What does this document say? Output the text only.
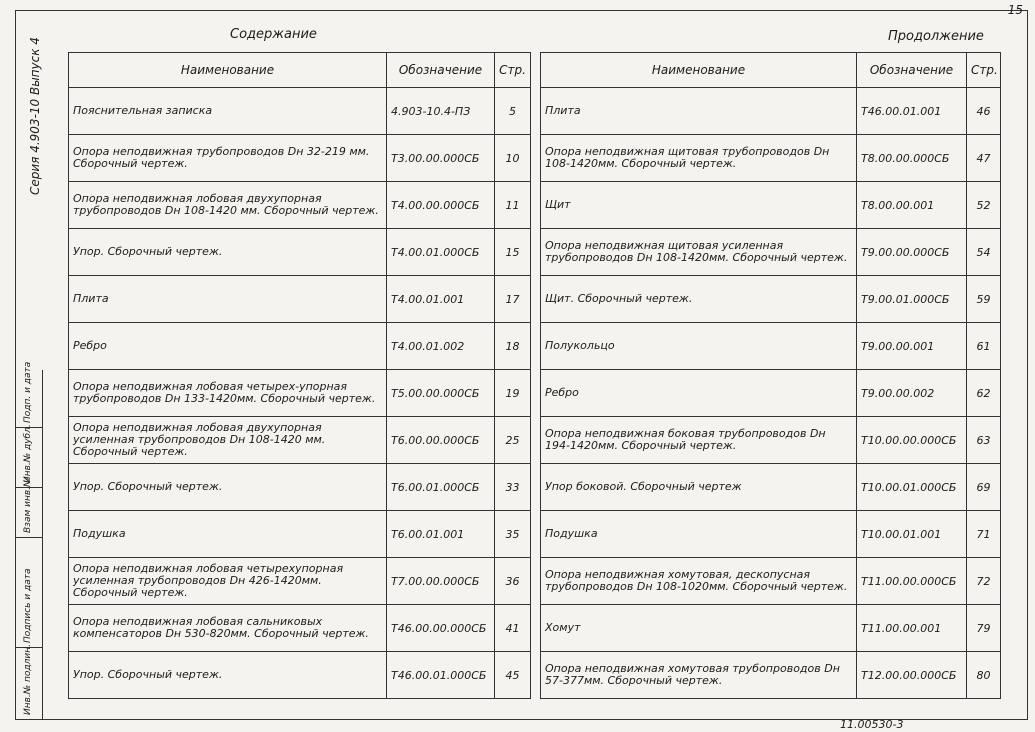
15
Серия 4.903-10 Выпуск 4
Подп. и дата
Инв.№ дубл.
Взам инв.№
Подпись и дата
Инв.№ подлин.
Содержание	Продолжение
Наименование	Обозначение	Стр.
Пояснительная записка	4.903-10.4-ПЗ	5
Опора неподвижная трубопроводов Dн 32-219 мм. Сборочный чертеж.	Т3.00.00.000СБ	10
Опора неподвижная лобовая двухупорная трубопроводов Dн 108-1420 мм. Сборочный чертеж.	Т4.00.00.000СБ	11
Упор. Сборочный чертеж.	Т4.00.01.000СБ	15
Плита	Т4.00.01.001	17
Ребро	Т4.00.01.002	18
Опора неподвижная лобовая четырех-упорная трубопроводов Dн 133-1420мм. Сборочный чертеж.	Т5.00.00.000СБ	19
Опора неподвижная лобовая двухупорная усиленная трубопроводов Dн 108-1420 мм. Сборочный чертеж.	Т6.00.00.000СБ	25
Упор. Сборочный чертеж.	Т6.00.01.000СБ	33
Подушка	Т6.00.01.001	35
Опора неподвижная лобовая четырехупорная усиленная трубопроводов Dн 426-1420мм. Сборочный чертеж.	Т7.00.00.000СБ	36
Опора неподвижная лобовая сальниковых компенсаторов Dн 530-820мм. Сборочный чертеж.	Т46.00.00.000СБ	41
Упор. Сборочный чертеж.	Т46.00.01.000СБ	45
Наименование	Обозначение	Стр.
Плита	Т46.00.01.001	46
Опора неподвижная щитовая трубопроводов Dн 108-1420мм. Сборочный чертеж.	Т8.00.00.000СБ	47
Щит	Т8.00.00.001	52
Опора неподвижная щитовая усиленная трубопроводов Dн 108-1420мм. Сборочный чертеж.	Т9.00.00.000СБ	54
Щит. Сборочный чертеж.	Т9.00.01.000СБ	59
Полукольцо	Т9.00.00.001	61
Ребро	Т9.00.00.002	62
Опора неподвижная боковая трубопроводов Dн 194-1420мм. Сборочный чертеж.	Т10.00.00.000СБ	63
Упор боковой. Сборочный чертеж	Т10.00.01.000СБ	69
Подушка	Т10.00.01.001	71
Опора неподвижная хомутовая, дескопусная трубопроводов Dн 108-1020мм. Сборочный чертеж.	Т11.00.00.000СБ	72
Хомут	Т11.00.00.001	79
Опора неподвижная хомутовая трубопроводов Dн 57-377мм. Сборочный чертеж.	Т12.00.00.000СБ	80
11.00530-3
